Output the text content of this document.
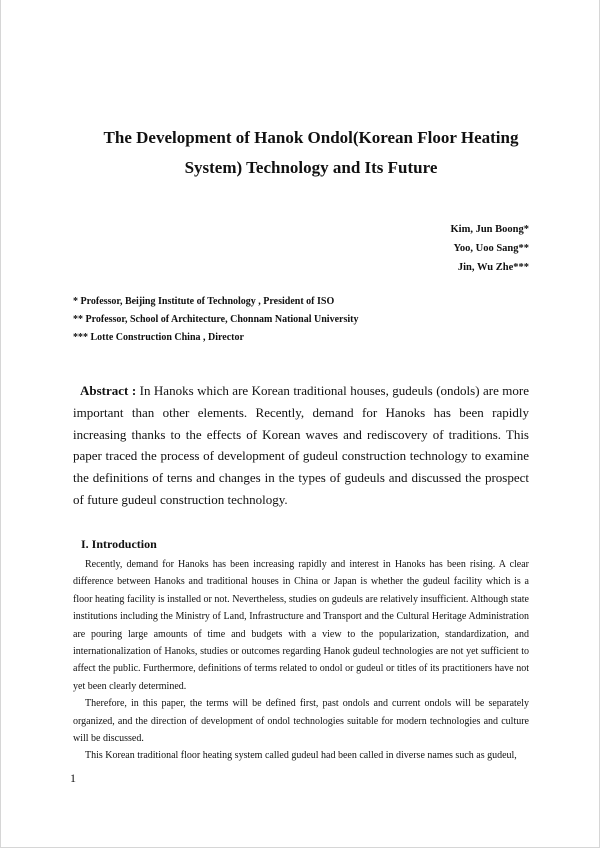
The Development of Hanok Ondol(Korean Floor Heating
System) Technology and Its Future
Kim, Jun Boong*
Yoo, Uoo Sang**
Jin, Wu Zhe***
* Professor, Beijing Institute of Technology , President of ISO
** Professor, School of Architecture, Chonnam National University
*** Lotte Construction China , Director
Abstract : In Hanoks which are Korean traditional houses, gudeuls (ondols) are more important than other elements. Recently, demand for Hanoks has been rapidly increasing thanks to the effects of Korean waves and rediscovery of traditions. This paper traced the process of development of gudeul construction technology to examine the definitions of terns and changes in the types of gudeuls and discussed the prospect of future gudeul construction technology.
I. Introduction

Recently, demand for Hanoks has been increasing rapidly and interest in Hanoks has been rising. A clear difference between Hanoks and traditional houses in China or Japan is whether the gudeul facility which is a floor heating facility is installed or not. Nevertheless, studies on gudeuls are relatively insufficient. Although state institutions including the Ministry of Land, Infrastructure and Transport and the Cultural Heritage Administration are pouring large amounts of time and budgets with a view to the popularization, standardization, and internationalization of Hanoks, studies or outcomes regarding Hanok gudeul technologies are not yet sufficient to affect the public. Furthermore, definitions of terms related to ondol or gudeul or titles of its practitioners have not yet been clearly determined.

Therefore, in this paper, the terms will be defined first, past ondols and current ondols will be separately organized, and the direction of development of ondol technologies suitable for modern technologies and culture will be discussed.

This Korean traditional floor heating system called gudeul had been called in diverse names such as gudeul,

1
